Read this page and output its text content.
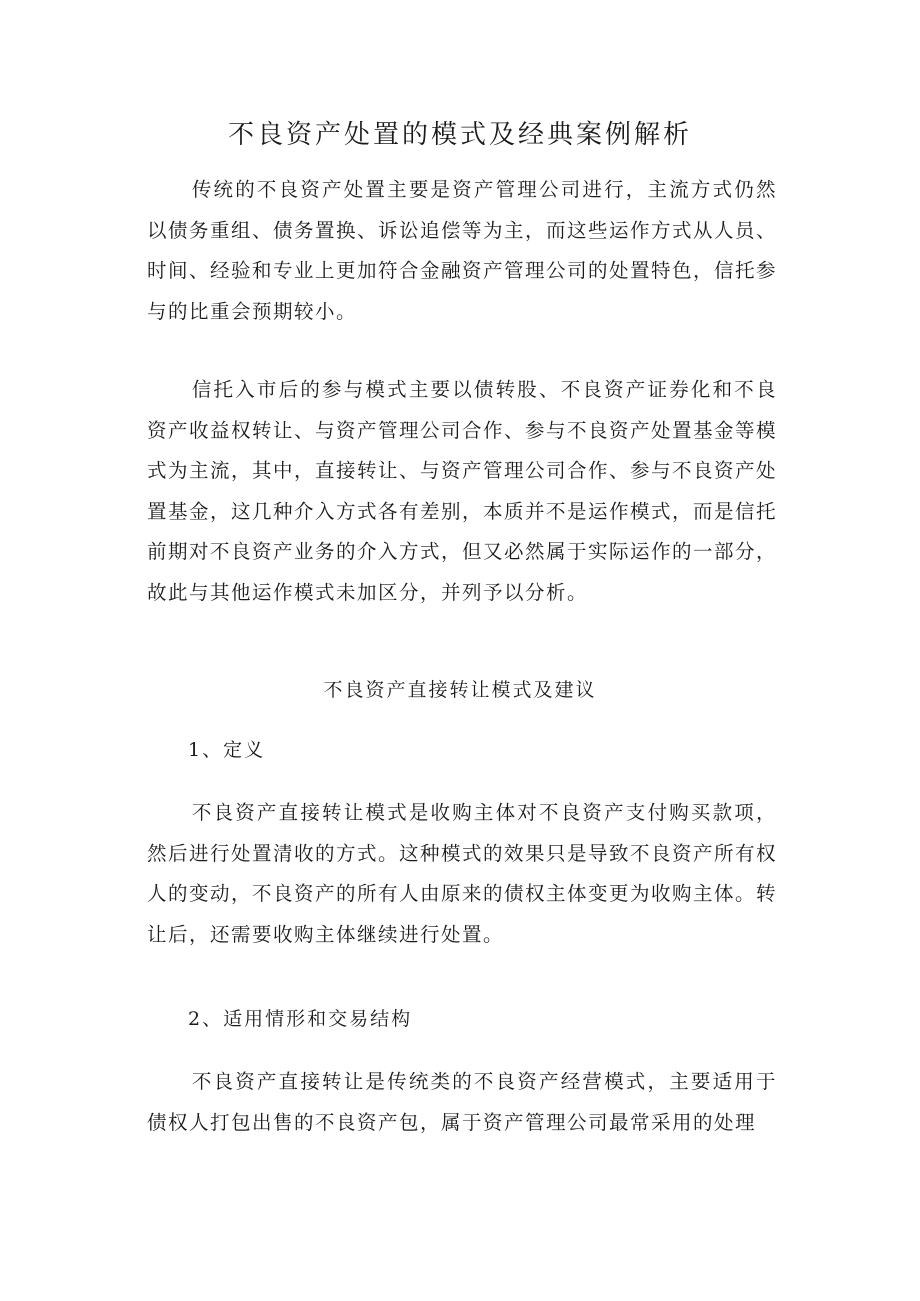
不良资产处置的模式及经典案例解析

传统的不良资产处置主要是资产管理公司进行，主流方式仍然以债务重组、债务置换、诉讼追偿等为主，而这些运作方式从人员、时间、经验和专业上更加符合金融资产管理公司的处置特色，信托参与的比重会预期较小。

信托入市后的参与模式主要以债转股、不良资产证券化和不良资产收益权转让、与资产管理公司合作、参与不良资产处置基金等模式为主流，其中，直接转让、与资产管理公司合作、参与不良资产处置基金，这几种介入方式各有差别，本质并不是运作模式，而是信托前期对不良资产业务的介入方式，但又必然属于实际运作的一部分，故此与其他运作模式未加区分，并列予以分析。

不良资产直接转让模式及建议
1、定义

不良资产直接转让模式是收购主体对不良资产支付购买款项，然后进行处置清收的方式。这种模式的效果只是导致不良资产所有权人的变动，不良资产的所有人由原来的债权主体变更为收购主体。转让后，还需要收购主体继续进行处置。

2、适用情形和交易结构

不良资产直接转让是传统类的不良资产经营模式，主要适用于债权人打包出售的不良资产包，属于资产管理公司最常采用的处理
